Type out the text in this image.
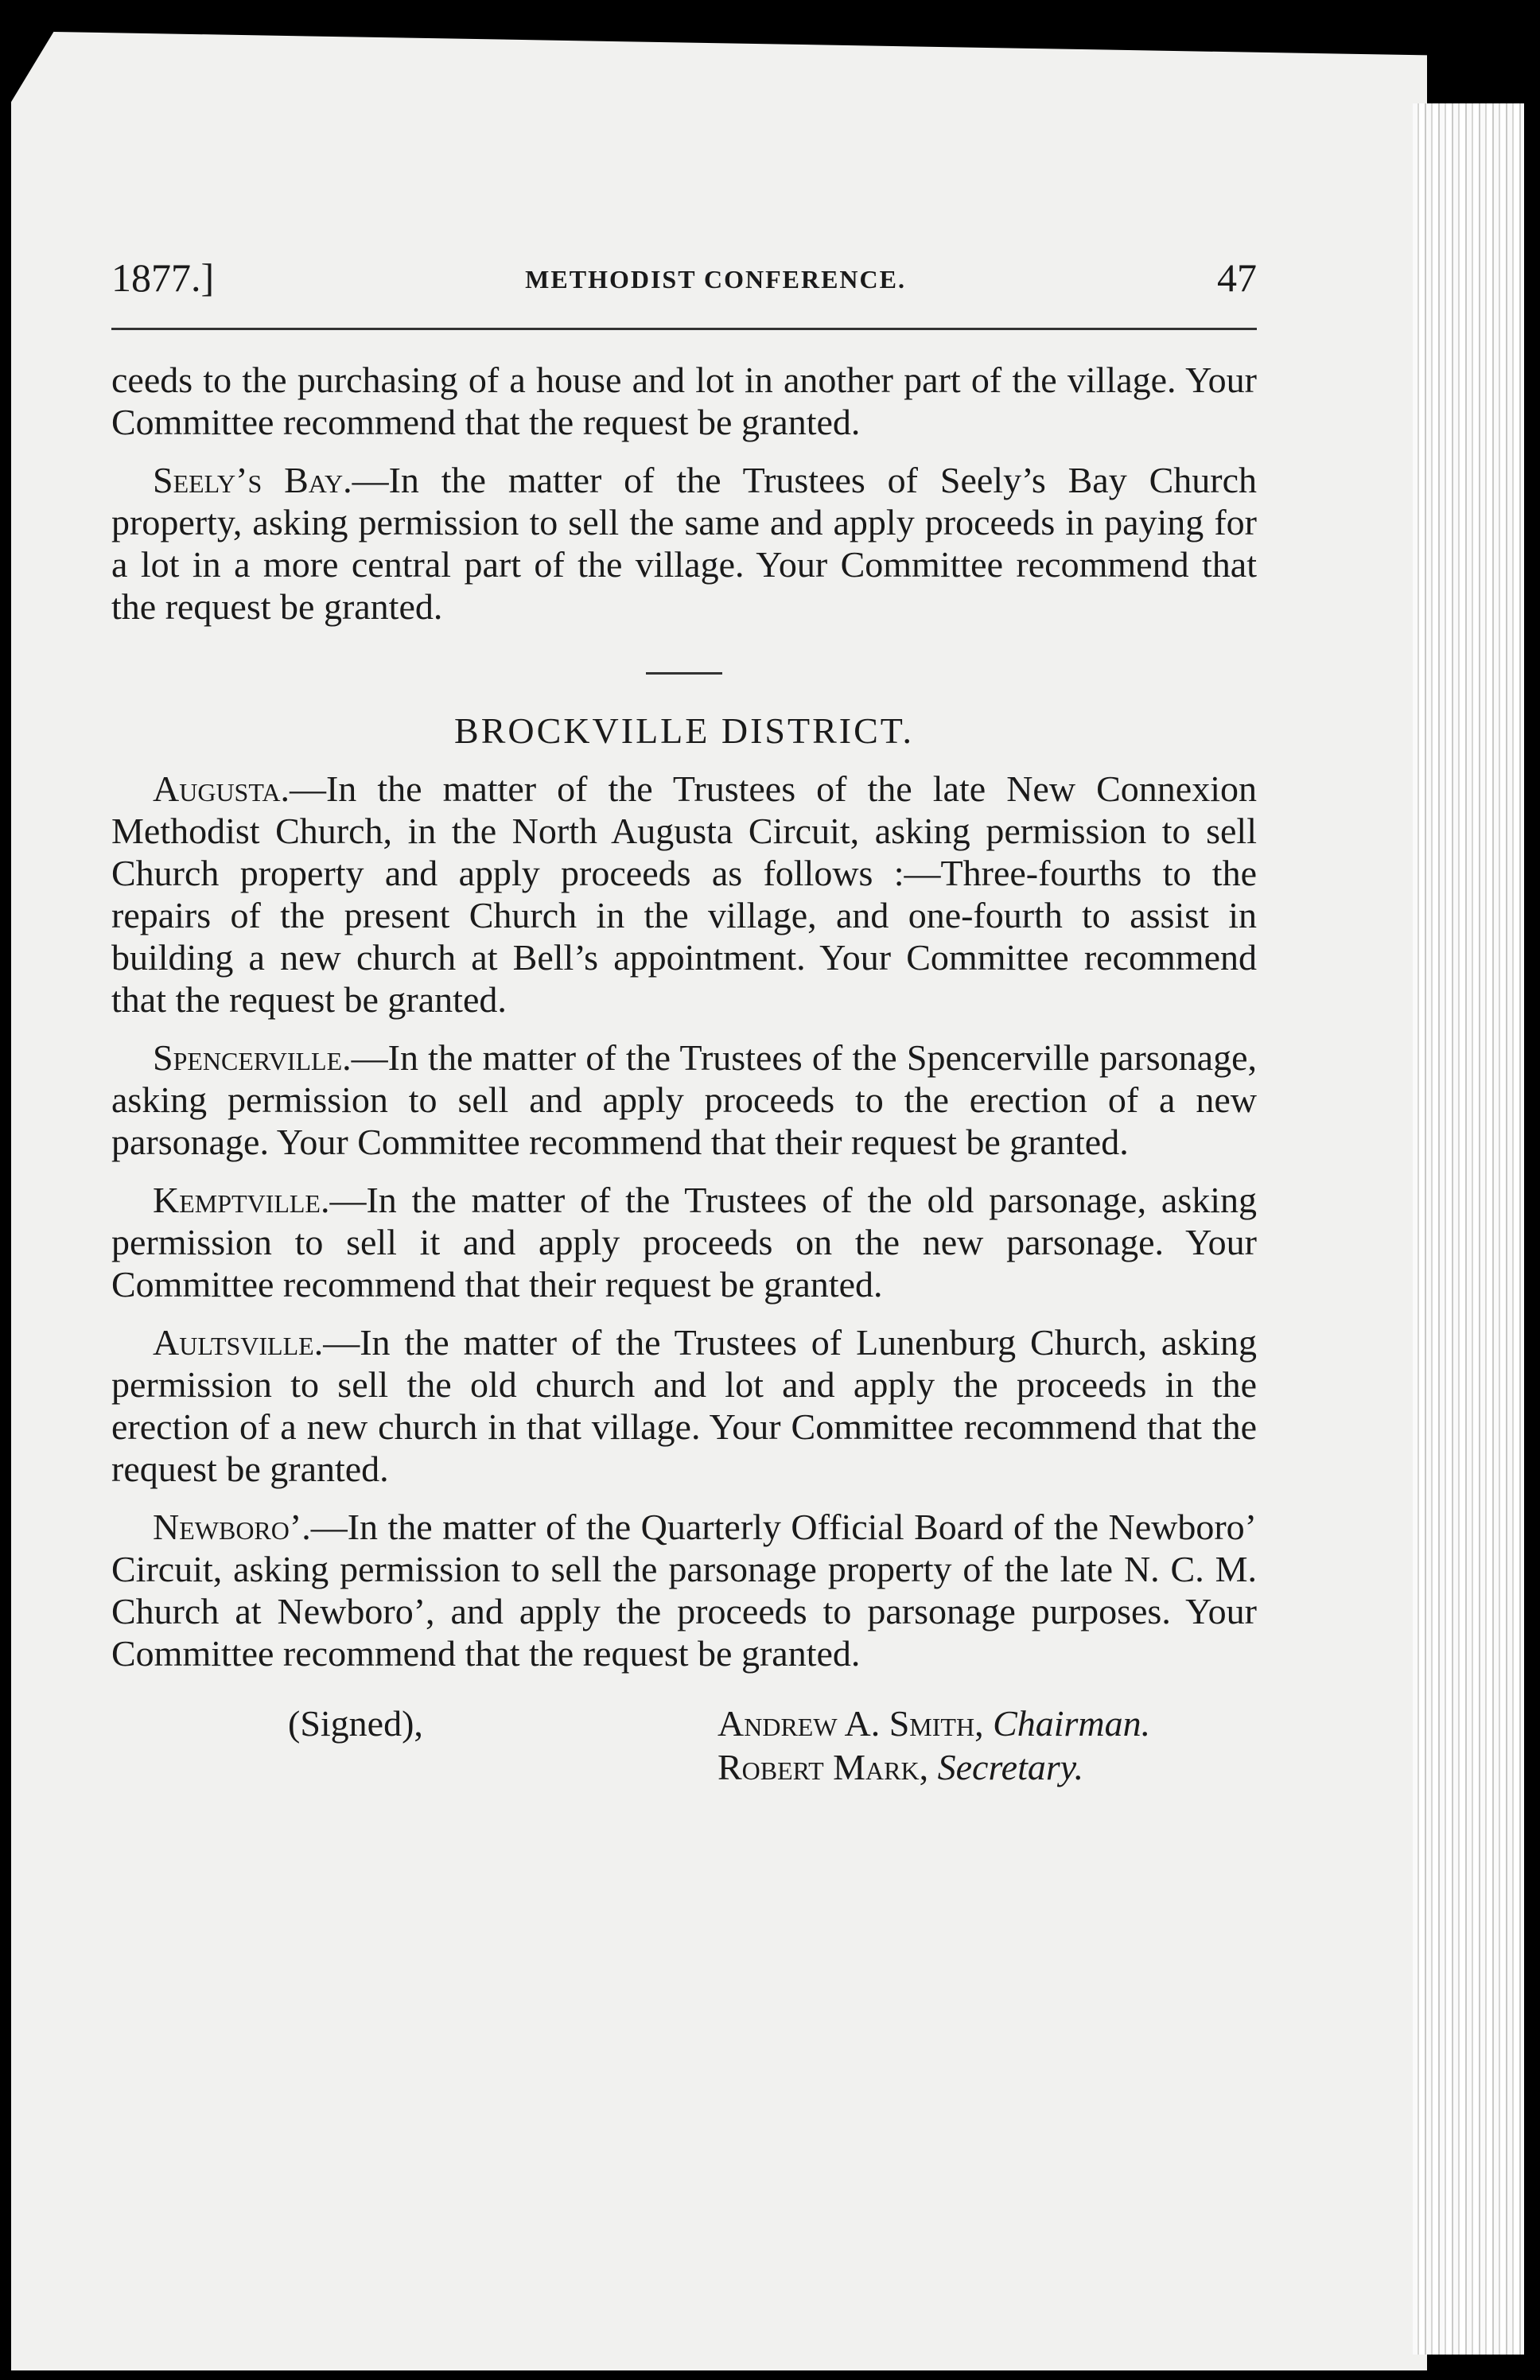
1877.]	METHODIST CONFERENCE.	47

ceeds to the purchasing of a house and lot in another part of the village. Your Committee recommend that the request be granted.

Seely’s Bay.—In the matter of the Trustees of Seely’s Bay Church property, asking permission to sell the same and apply proceeds in paying for a lot in a more central part of the village. Your Committee recommend that the request be granted.

BROCKVILLE DISTRICT.

Augusta.—In the matter of the Trustees of the late New Connexion Methodist Church, in the North Augusta Circuit, asking permission to sell Church property and apply proceeds as follows :—Three-fourths to the repairs of the present Church in the village, and one-fourth to assist in building a new church at Bell’s appointment. Your Committee recommend that the request be granted.

Spencerville.—In the matter of the Trustees of the Spencerville parsonage, asking permission to sell and apply proceeds to the erection of a new parsonage. Your Committee recommend that their request be granted.

Kemptville.—In the matter of the Trustees of the old parsonage, asking permission to sell it and apply proceeds on the new parsonage. Your Committee recommend that their request be granted.

Aultsville.—In the matter of the Trustees of Lunenburg Church, asking permission to sell the old church and lot and apply the proceeds in the erection of a new church in that village. Your Committee recommend that the request be granted.

Newboro’.—In the matter of the Quarterly Official Board of the Newboro’ Circuit, asking permission to sell the parsonage property of the late N. C. M. Church at Newboro’, and apply the proceeds to parsonage purposes. Your Committee recommend that the request be granted.

(Signed),	Andrew A. Smith, Chairman.
Robert Mark, Secretary.
